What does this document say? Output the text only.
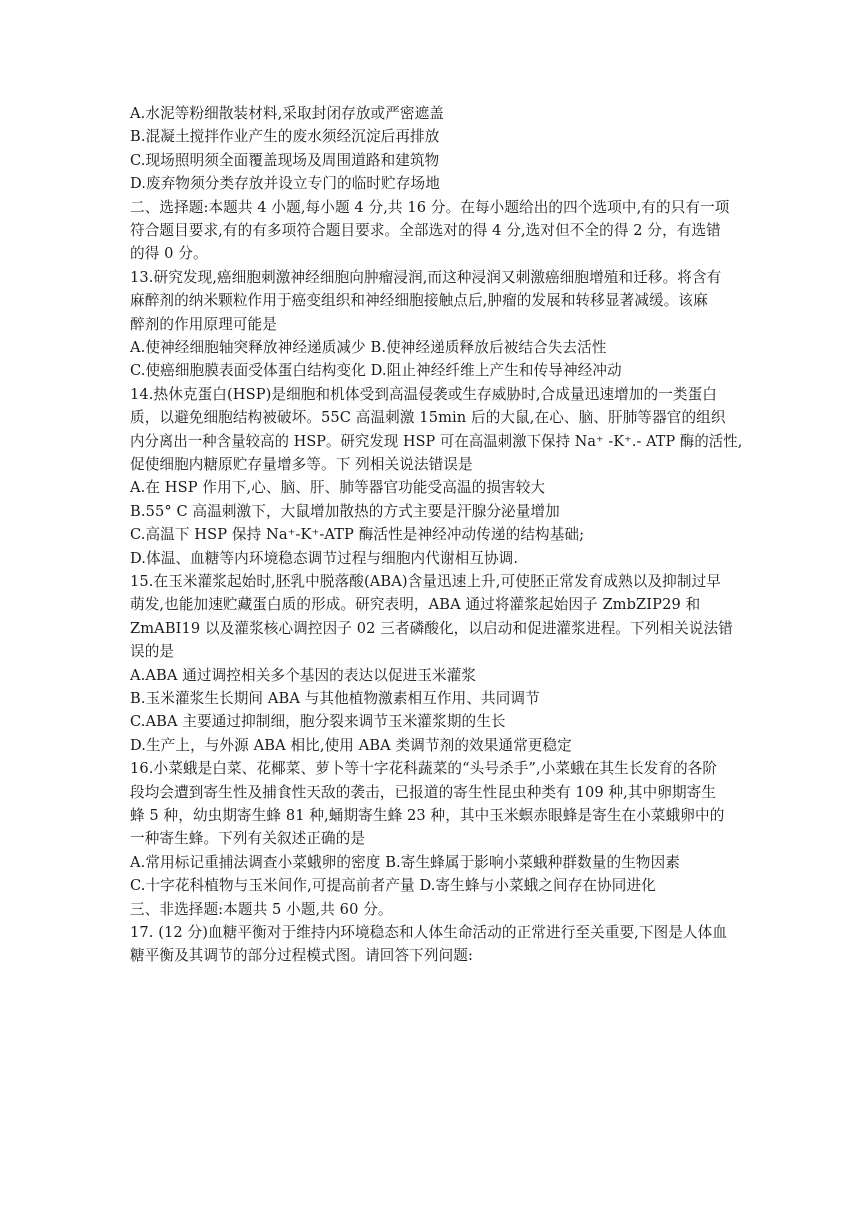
A.水泥等粉细散装材料,采取封闭存放或严密遮盖
B.混凝土搅拌作业产生的废水须经沉淀后再排放
C.现场照明须全面覆盖现场及周围道路和建筑物
D.废弃物须分类存放并设立专门的临时贮存场地
二、选择题:本题共 4 小题,每小题 4 分,共 16 分。在每小题给出的四个选项中,有的只有一项
符合题目要求,有的有多项符合题目要求。全部选对的得 4 分,选对但不全的得 2 分，有选错
的得 0 分。
13.研究发现,癌细胞刺激神经细胞向肿瘤浸润,而这种浸润又刺激癌细胞增殖和迁移。将含有
麻醉剂的纳米颗粒作用于癌变组织和神经细胞接触点后,肿瘤的发展和转移显著减缓。该麻
醉剂的作用原理可能是
A.使神经细胞轴突释放神经递质减少 B.使神经递质释放后被结合失去活性
C.使癌细胞膜表面受体蛋白结构变化 D.阻止神经纤维上产生和传导神经冲动
14.热休克蛋白(HSP)是细胞和机体受到高温侵袭或生存威胁时,合成量迅速增加的一类蛋白
质，以避免细胞结构被破坏。55C 高温刺激 15min 后的大鼠,在心、脑、肝肺等器官的组织
内分离出一种含量较高的 HSP。研究发现 HSP 可在高温刺激下保持 Na⁺ -K⁺.- ATP 酶的活性,
促使细胞内糖原贮存量增多等。下 列相关说法错误是
A.在 HSP 作用下,心、脑、肝、肺等器官功能受高温的损害较大
B.55° C 高温刺激下，大鼠增加散热的方式主要是汗腺分泌量增加
C.高温下 HSP 保持 Na⁺-K⁺-ATP 酶活性是神经冲动传递的结构基础;
D.体温、血糖等内环境稳态调节过程与细胞内代谢相互协调.
15.在玉米灌浆起始时,胚乳中脱落酸(ABA)含量迅速上升,可使胚正常发育成熟以及抑制过早
萌发,也能加速贮藏蛋白质的形成。研究表明，ABA 通过将灌浆起始因子 ZmbZIP29 和
ZmABI19 以及灌浆核心调控因子 02 三者磷酸化，以启动和促进灌浆进程。下列相关说法错
误的是
A.ABA 通过调控相关多个基因的表达以促进玉米灌浆
B.玉米灌浆生长期间 ABA 与其他植物激素相互作用、共同调节
C.ABA 主要通过抑制细，胞分裂来调节玉米灌浆期的生长
D.生产上，与外源 ABA 相比,使用 ABA 类调节剂的效果通常更稳定
16.小菜蛾是白菜、花椰菜、萝卜等十字花科蔬菜的“头号杀手”,小菜蛾在其生长发育的各阶
段均会遭到寄生性及捕食性天敌的袭击，已报道的寄生性昆虫种类有 109 种,其中卵期寄生
蜂 5 种，幼虫期寄生蜂 81 种,蛹期寄生蜂 23 种，其中玉米螟赤眼蜂是寄生在小菜蛾卵中的
一种寄生蜂。下列有关叙述正确的是
A.常用标记重捕法调查小菜蛾卵的密度 B.寄生蜂属于影响小菜蛾种群数量的生物因素
C.十字花科植物与玉米间作,可提高前者产量 D.寄生蜂与小菜蛾之间存在协同进化
三、非选择题:本题共 5 小题,共 60 分。
17. (12 分)血糖平衡对于维持内环境稳态和人体生命活动的正常进行至关重要,下图是人体血
糖平衡及其调节的部分过程模式图。请回答下列问题:
